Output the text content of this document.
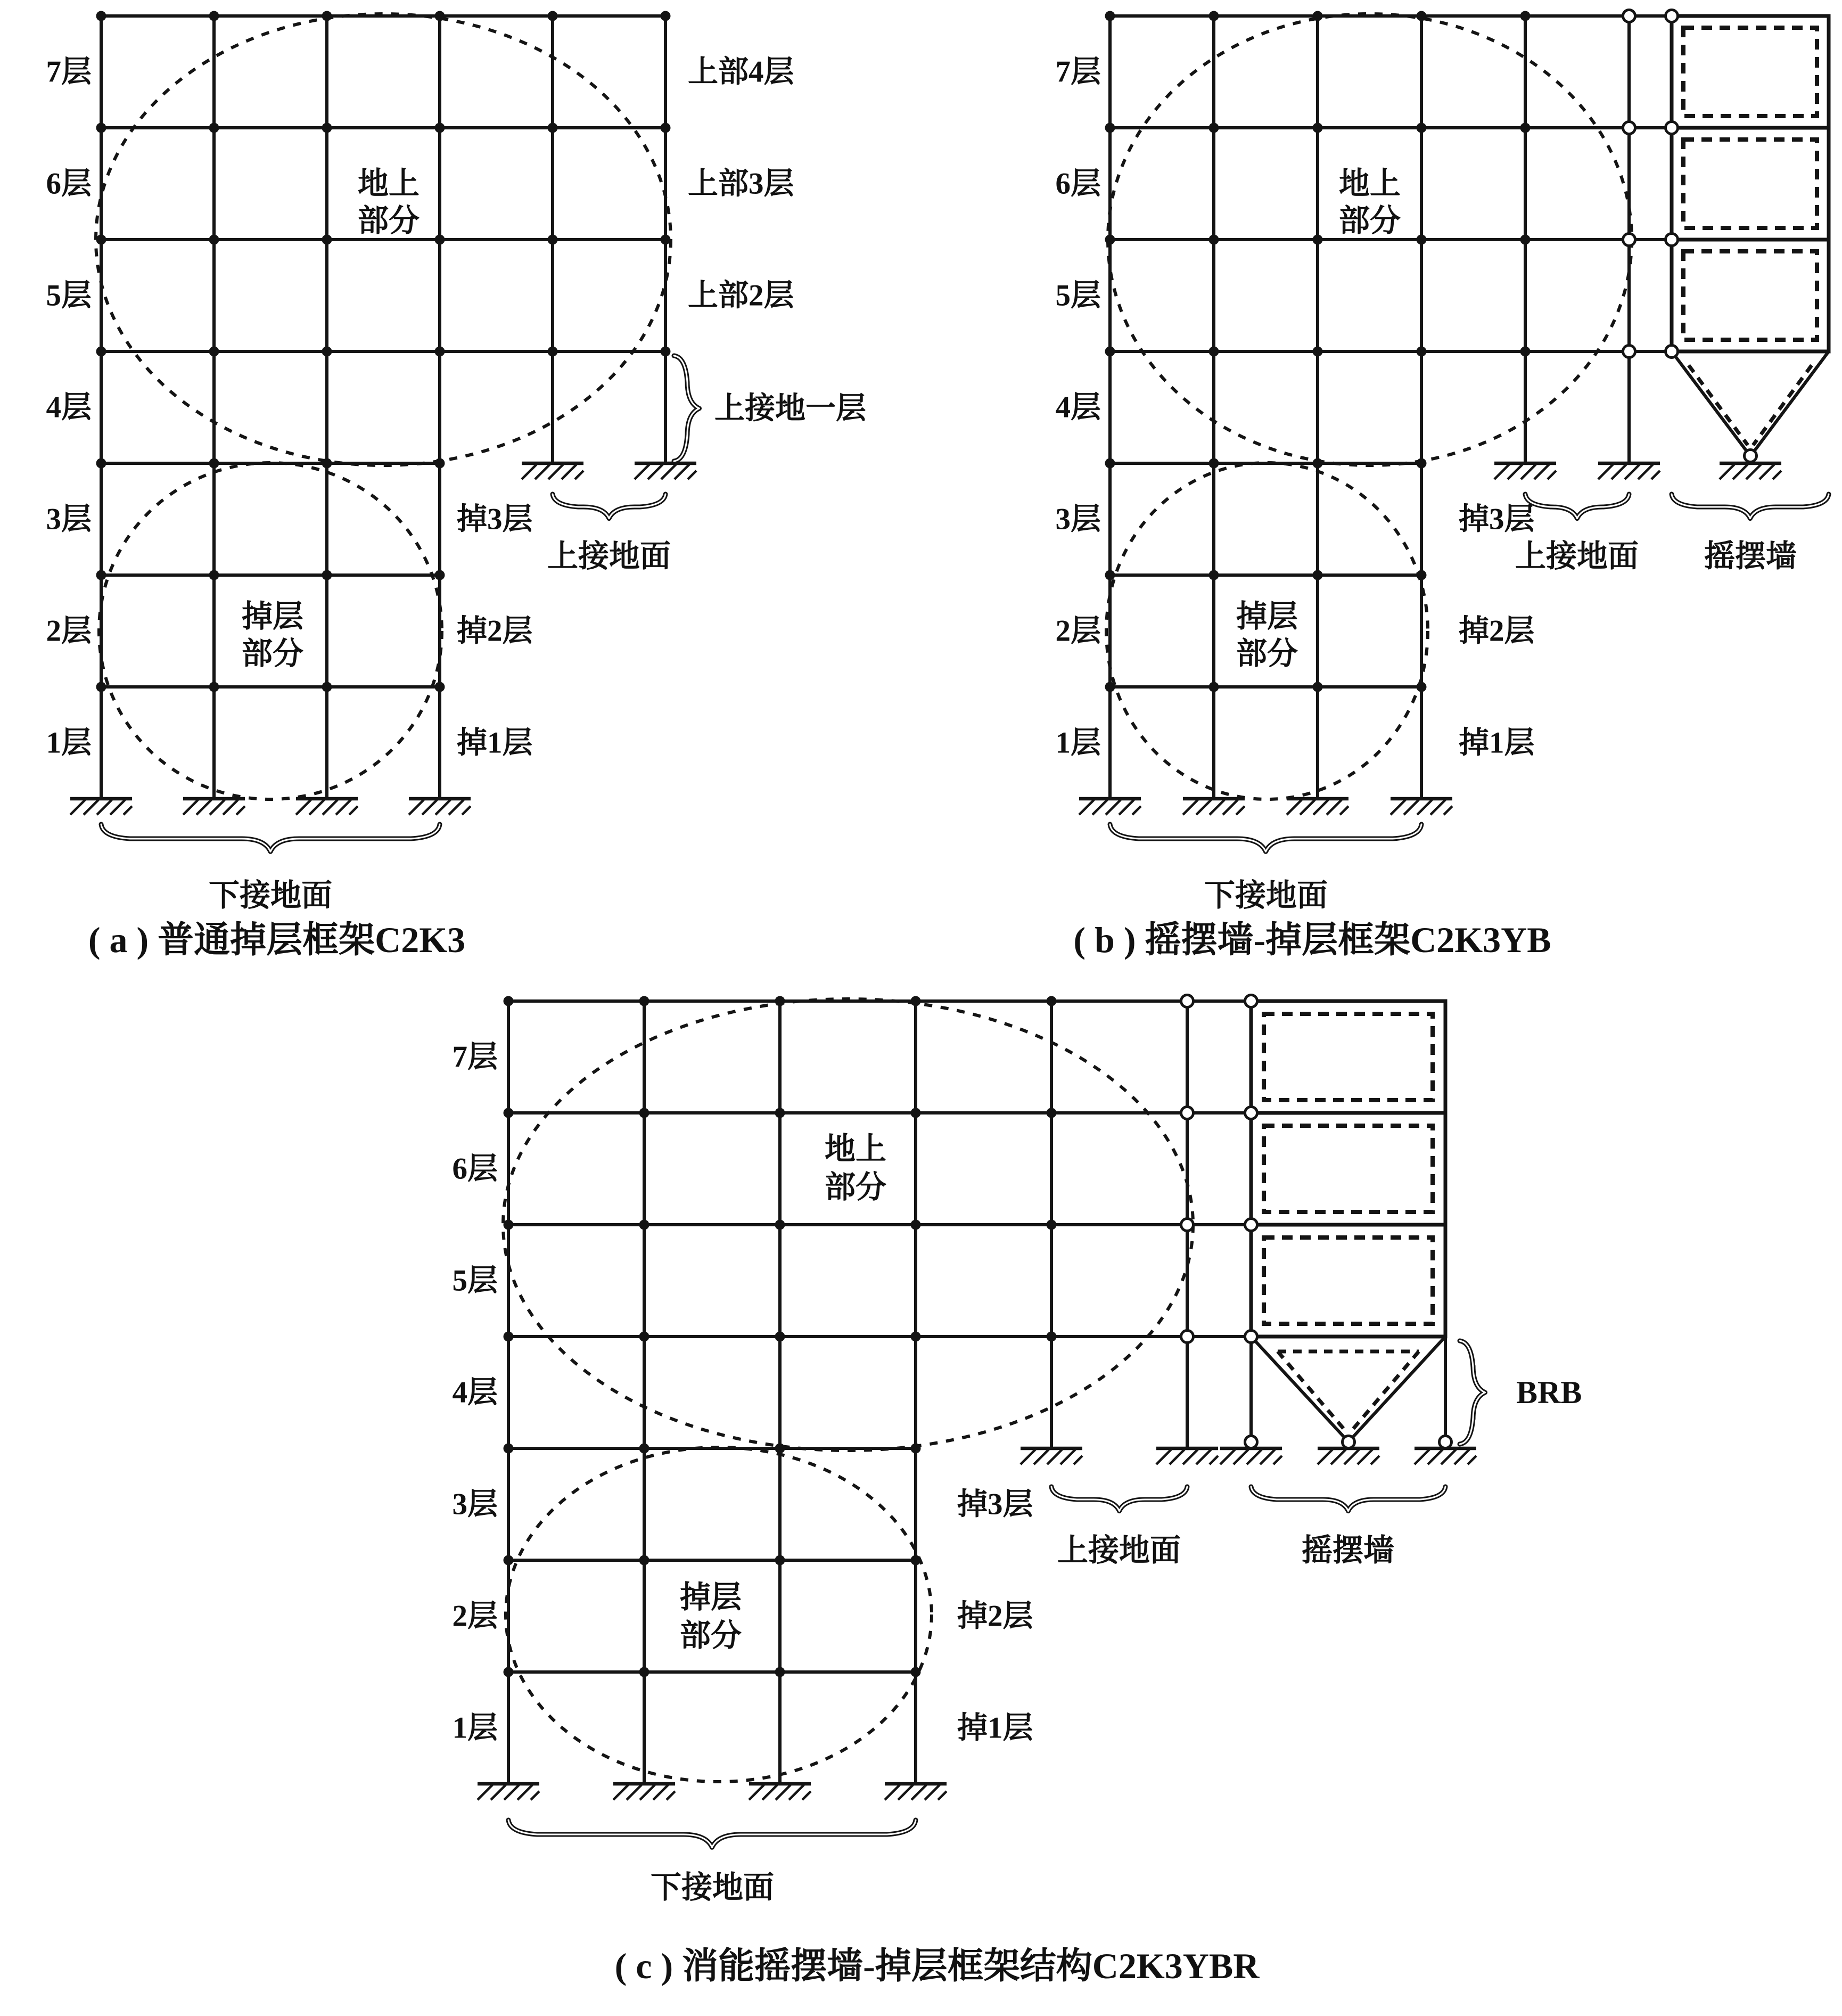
7层
6层
5层
4层
3层
2层
1层
上部4层
上部3层
上部2层
上接地一层
掉3层
掉2层
掉1层
地上
部分
掉层
部分
上接地面
下接地面
( a ) 普通掉层框架C2K3
7层
6层
5层
4层
3层
2层
1层
掉3层
掉2层
掉1层
地上
部分
掉层
部分
上接地面 摇摆墙
下接地面
( b ) 摇摆墙-掉层框架C2K3YB
7层
6层
5层
4层
3层
2层
1层
掉3层
掉2层
掉1层
地上
部分
掉层
部分
上接地面	摇摆墙
BRB
下接地面
( c ) 消能摇摆墙-掉层框架结构C2K3YBR
